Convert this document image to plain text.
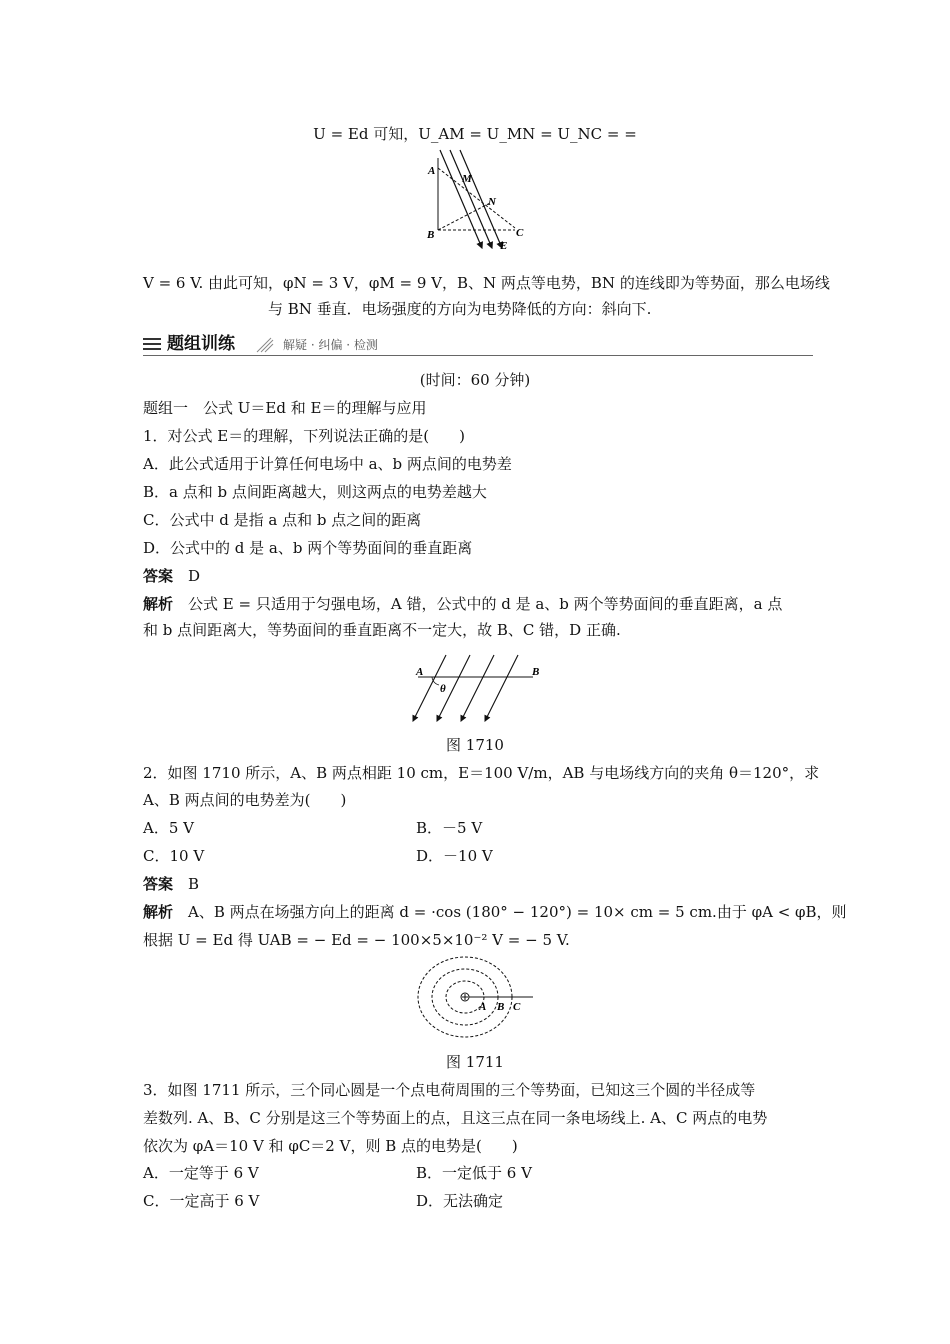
U = Ed 可知，U_AM = U_MN = U_NC = =
A
M
N
B	C
E
V = 6 V. 由此可知，φN = 3 V，φM = 9 V，B、N 两点等电势，BN 的连线即为等势面，那么电场线
与 BN 垂直．电场强度的方向为电势降低的方向：斜向下.
题组训练	解疑 · 纠偏 · 检测
(时间：60 分钟)
题组一　公式 U＝Ed 和 E＝的理解与应用
1．对公式 E＝的理解，下列说法正确的是(　　)
A．此公式适用于计算任何电场中 a、b 两点间的电势差
B．a 点和 b 点间距离越大，则这两点的电势差越大
C．公式中 d 是指 a 点和 b 点之间的距离
D．公式中的 d 是 a、b 两个等势面间的垂直距离
答案　 D
解析　 公式 E = 只适用于匀强电场，A 错，公式中的 d 是 a、b 两个等势面间的垂直距离，a 点
和 b 点间距离大，等势面间的垂直距离不一定大，故 B、C 错，D 正确.
A	B
θ
图 1710
2．如图 1710 所示，A、B 两点相距 10 cm，E＝100 V/m，AB 与电场线方向的夹角 θ＝120°，求
A、B 两点间的电势差为(　　)
A．5 V	B．－5 V
C．10 V	D．－10 V
答案　 B
解析　 A、B 两点在场强方向上的距离 d = ·cos (180° − 120°) = 10× cm = 5 cm.由于 φA < φB，则
根据 U = Ed 得 UAB = − Ed = − 100×5×10⁻² V = − 5 V.
A B C
图 1711
3．如图 1711 所示，三个同心圆是一个点电荷周围的三个等势面，已知这三个圆的半径成等
差数列. A、B、C 分别是这三个等势面上的点，且这三点在同一条电场线上. A、C 两点的电势
依次为 φA＝10 V 和 φC＝2 V，则 B 点的电势是(　　)
A．一定等于 6 V	B．一定低于 6 V
C．一定高于 6 V	D．无法确定
